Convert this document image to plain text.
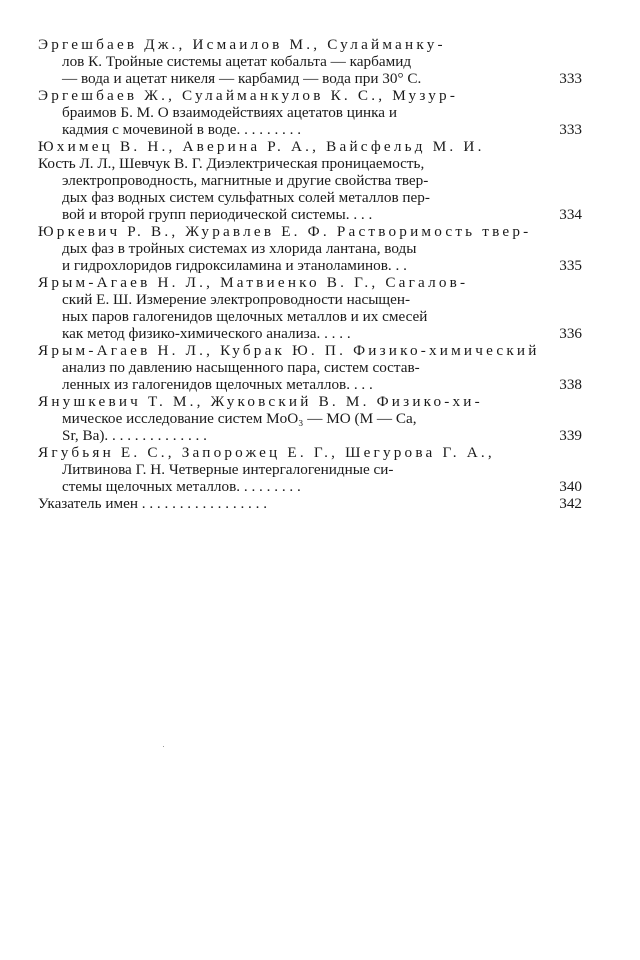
Эргешбаев Дж., Исмаилов М., Сулайманку-
лов К. Тройные системы ацетат кобальта — карбамид
— вода и ацетат никеля — карбамид — вода при 30° С.	333
Эргешбаев Ж., Сулайманкулов К. С., Музур-
браимов Б. М. О взаимодействиях ацетатов цинка и
кадмия с мочевиной в воде. . . . . . . . .	333
Юхимец В. Н., Аверина Р. А., Вайсфельд М. И.
Кость Л. Л., Шевчук В. Г. Диэлектрическая проницаемость,
электропроводность, магнитные и другие свойства твер-
дых фаз водных систем сульфатных солей металлов пер-
вой и второй групп периодической системы. . . .	334
Юркевич Р. В., Журавлев Е. Ф. Растворимость твер-
дых фаз в тройных системах из хлорида лантана, воды
и гидрохлоридов гидроксиламина и этаноламинов. . .	335
Ярым-Агаев Н. Л., Матвиенко В. Г., Сагалов-
ский Е. Ш. Измерение электропроводности насыщен-
ных паров галогенидов щелочных металлов и их смесей
как метод физико-химического анализа. . . . .	336
Ярым-Агаев Н. Л., Кубрак Ю. П. Физико-химический
анализ по давлению насыщенного пара, систем состав-
ленных из галогенидов щелочных металлов. . . .	338
Янушкевич Т. М., Жуковский В. М. Физико-хи-
мическое исследование систем MoO₃ — MO (M — Ca,
Sr, Ba). . . . . . . . . . . . . .	339
Ягубьян Е. С., Запорожец Е. Г., Шегурова Г. А.,
Литвинова Г. Н. Четверные интергалогенидные си-
стемы щелочных металлов. . . . . . . . .	340
Указатель имен . . . . . . . . . . . . . . . . .	342
